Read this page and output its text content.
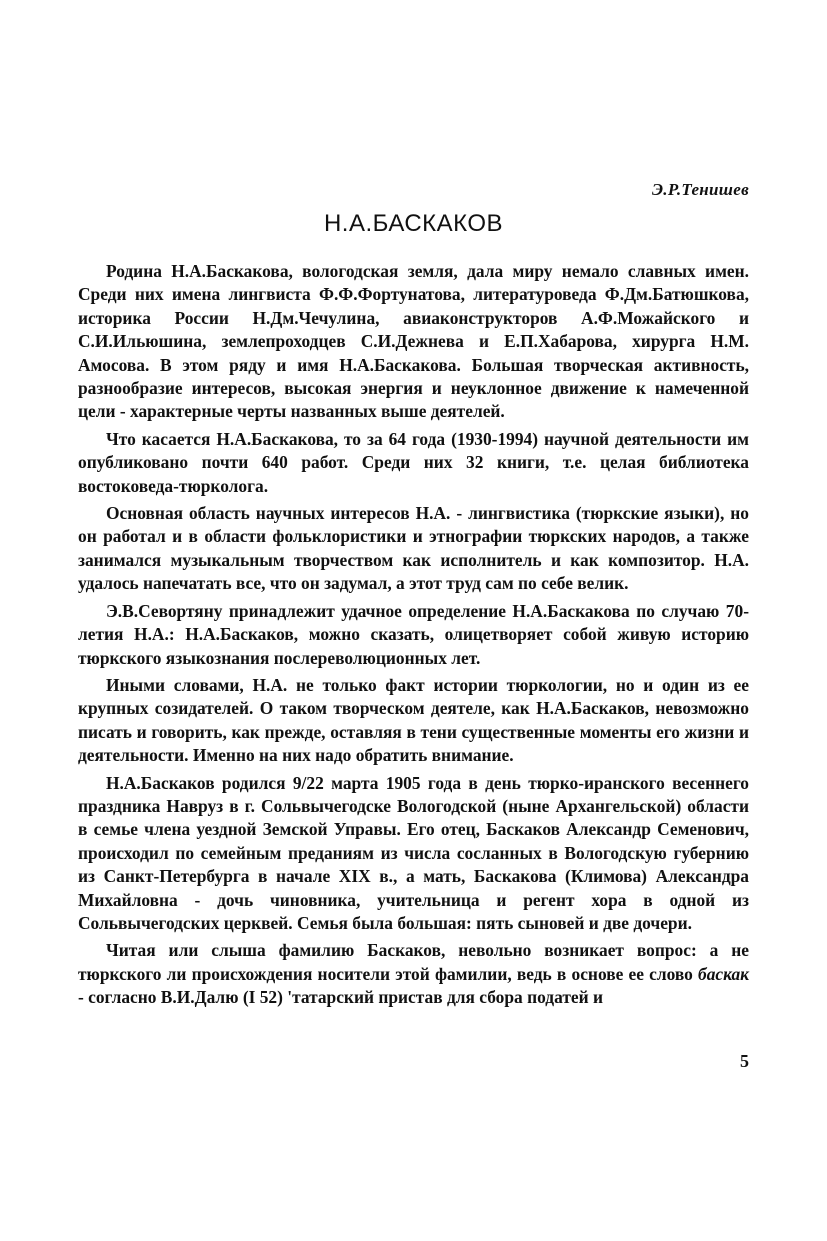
Э.Р.Тенишев
Н.А.БАСКАКОВ

Родина Н.А.Баскакова, вологодская земля, дала миру немало славных имен. Среди них имена лингвиста Ф.Ф.Фортунатова, литературоведа Ф.Дм.Батюшкова, историка России Н.Дм.Чечулина, авиаконструкторов А.Ф.Можайского и С.И.Ильюшина, землепроходцев С.И.Дежнева и Е.П.Хабарова, хирурга Н.М. Амосова. В этом ряду и имя Н.А.Баскакова. Большая творческая активность, разнообразие интересов, высокая энергия и неуклонное движение к намеченной цели - характерные черты названных выше деятелей.

Что касается Н.А.Баскакова, то за 64 года (1930-1994) научной деятельности им опубликовано почти 640 работ. Среди них 32 книги, т.е. целая библиотека востоковеда-тюрколога.

Основная область научных интересов Н.А. - лингвистика (тюркские языки), но он работал и в области фольклористики и этнографии тюркских народов, а также занимался музыкальным творчеством как исполнитель и как композитор. Н.А. удалось напечатать все, что он задумал, а этот труд сам по себе велик.

Э.В.Севортяну принадлежит удачное определение Н.А.Баскакова по случаю 70-летия Н.А.: Н.А.Баскаков, можно сказать, олицетворяет собой живую историю тюркского языкознания послереволюционных лет.

Иными словами, Н.А. не только факт истории тюркологии, но и один из ее крупных созидателей. О таком творческом деятеле, как Н.А.Баскаков, невозможно писать и говорить, как прежде, оставляя в тени существенные моменты его жизни и деятельности. Именно на них надо обратить внимание.

Н.А.Баскаков родился 9/22 марта 1905 года в день тюрко-иранского весеннего праздника Навруз в г. Сольвычегодске Вологодской (ныне Архангельской) области в семье члена уездной Земской Управы. Его отец, Баскаков Александр Семенович, происходил по семейным преданиям из числа сосланных в Вологодскую губернию из Санкт-Петербурга в начале XIX в., а мать, Баскакова (Климова) Александра Михайловна - дочь чиновника, учительница и регент хора в одной из Сольвычегодских церквей. Семья была большая: пять сыновей и две дочери.

Читая или слыша фамилию Баскаков, невольно возникает вопрос: а не тюркского ли происхождения носители этой фамилии, ведь в основе ее слово баскак - согласно В.И.Далю (I 52) 'татарский пристав для сбора податей и

5
